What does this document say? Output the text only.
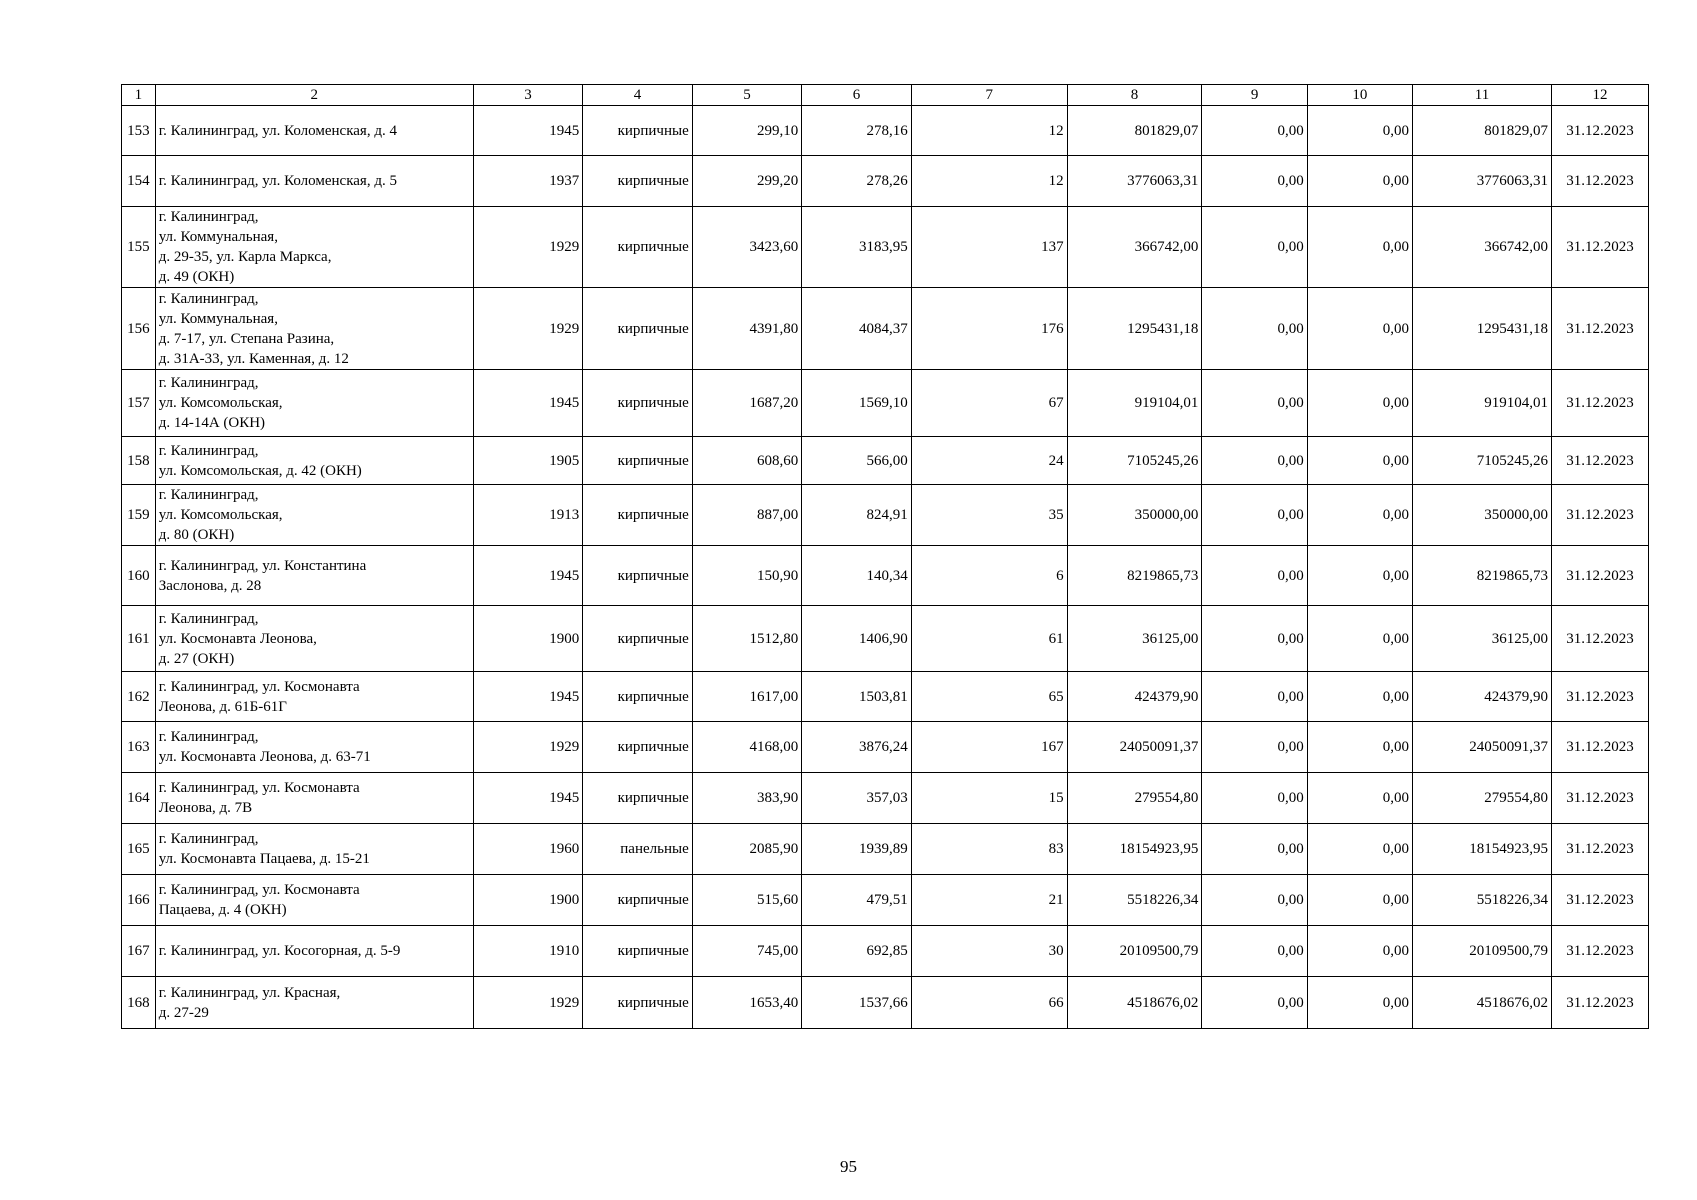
1	2	3	4	5	6	7	8	9	10	11	12
153	г. Калининград, ул. Коломенская, д. 4	1945	кирпичные	299,10	278,16	12	801829,07	0,00	0,00	801829,07	31.12.2023
154	г. Калининград, ул. Коломенская, д. 5	1937	кирпичные	299,20	278,26	12	3776063,31	0,00	0,00	3776063,31	31.12.2023
155	г. Калининград,
ул. Коммунальная,
д. 29-35, ул. Карла Маркса,
д. 49 (ОКН)	1929	кирпичные	3423,60	3183,95	137	366742,00	0,00	0,00	366742,00	31.12.2023
156	г. Калининград,
ул. Коммунальная,
д. 7-17, ул. Степана Разина,
д. 31А-33, ул. Каменная, д. 12	1929	кирпичные	4391,80	4084,37	176	1295431,18	0,00	0,00	1295431,18	31.12.2023
157	г. Калининград,
ул. Комсомольская,
д. 14-14А (ОКН)	1945	кирпичные	1687,20	1569,10	67	919104,01	0,00	0,00	919104,01	31.12.2023
158	г. Калининград,
ул. Комсомольская, д. 42 (ОКН)	1905	кирпичные	608,60	566,00	24	7105245,26	0,00	0,00	7105245,26	31.12.2023
159	г. Калининград,
ул. Комсомольская,
д. 80 (ОКН)	1913	кирпичные	887,00	824,91	35	350000,00	0,00	0,00	350000,00	31.12.2023
160	г. Калининград, ул. Константина
Заслонова, д. 28	1945	кирпичные	150,90	140,34	6	8219865,73	0,00	0,00	8219865,73	31.12.2023
161	г. Калининград,
ул. Космонавта Леонова,
д. 27 (ОКН)	1900	кирпичные	1512,80	1406,90	61	36125,00	0,00	0,00	36125,00	31.12.2023
162	г. Калининград, ул. Космонавта
Леонова, д. 61Б-61Г	1945	кирпичные	1617,00	1503,81	65	424379,90	0,00	0,00	424379,90	31.12.2023
163	г. Калининград,
ул. Космонавта Леонова, д. 63-71	1929	кирпичные	4168,00	3876,24	167	24050091,37	0,00	0,00	24050091,37	31.12.2023
164	г. Калининград, ул. Космонавта
Леонова, д. 7В	1945	кирпичные	383,90	357,03	15	279554,80	0,00	0,00	279554,80	31.12.2023
165	г. Калининград,
ул. Космонавта Пацаева, д. 15-21	1960	панельные	2085,90	1939,89	83	18154923,95	0,00	0,00	18154923,95	31.12.2023
166	г. Калининград, ул. Космонавта
Пацаева, д. 4 (ОКН)	1900	кирпичные	515,60	479,51	21	5518226,34	0,00	0,00	5518226,34	31.12.2023
167	г. Калининград, ул. Косогорная, д. 5-9	1910	кирпичные	745,00	692,85	30	20109500,79	0,00	0,00	20109500,79	31.12.2023
168	г. Калининград, ул. Красная,
д. 27-29	1929	кирпичные	1653,40	1537,66	66	4518676,02	0,00	0,00	4518676,02	31.12.2023
95
